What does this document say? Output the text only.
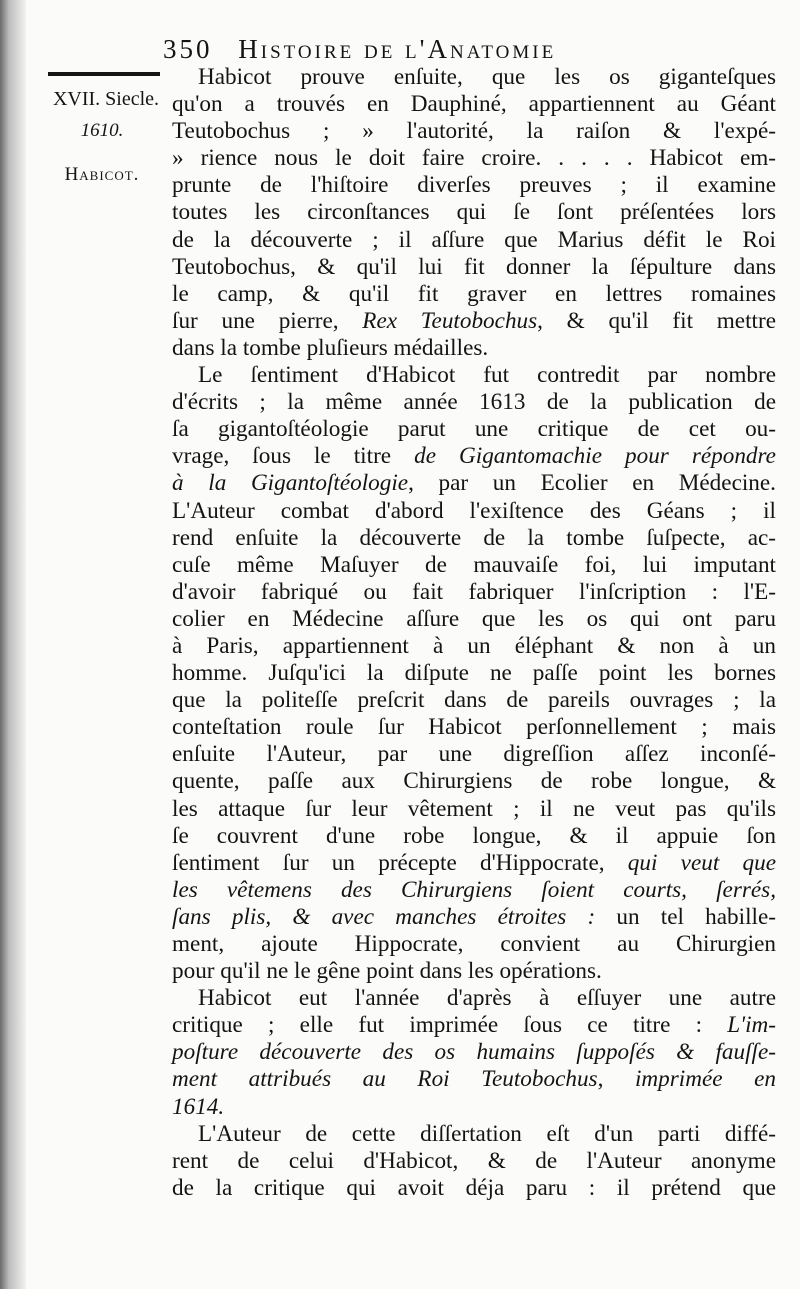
350 Histoire de l'Anatomie
XVII. Siecle.
1610.
Habicot.
Habicot prouve enſuite, que les os giganteſques
qu'on a trouvés en Dauphiné, appartiennent au Géant
Teutobochus ; » l'autorité, la raiſon & l'expé-
» rience nous le doit faire croire. . . . . Habicot em-
prunte de l'hiſtoire diverſes preuves ; il examine
toutes les circonſtances qui ſe ſont préſentées lors
de la découverte ; il aſſure que Marius défit le Roi
Teutobochus, & qu'il lui fit donner la ſépulture dans
le camp, & qu'il fit graver en lettres romaines
ſur une pierre, Rex Teutobochus, & qu'il fit mettre
dans la tombe pluſieurs médailles.
Le ſentiment d'Habicot fut contredit par nombre
d'écrits ; la même année 1613 de la publication de
ſa gigantoſtéologie parut une critique de cet ou-
vrage, ſous le titre de Gigantomachie pour répondre
à la Gigantoſtéologie, par un Ecolier en Médecine.
L'Auteur combat d'abord l'exiſtence des Géans ; il
rend enſuite la découverte de la tombe ſuſpecte, ac-
cuſe même Maſuyer de mauvaiſe foi, lui imputant
d'avoir fabriqué ou fait fabriquer l'inſcription : l'E-
colier en Médecine aſſure que les os qui ont paru
à Paris, appartiennent à un éléphant & non à un
homme. Juſqu'ici la diſpute ne paſſe point les bornes
que la politeſſe preſcrit dans de pareils ouvrages ; la
conteſtation roule ſur Habicot perſonnellement ; mais
enſuite l'Auteur, par une digreſſion aſſez inconſé-
quente, paſſe aux Chirurgiens de robe longue, &
les attaque ſur leur vêtement ; il ne veut pas qu'ils
ſe couvrent d'une robe longue, & il appuie ſon
ſentiment ſur un précepte d'Hippocrate, qui veut que
les vêtemens des Chirurgiens ſoient courts, ſerrés,
ſans plis, & avec manches étroites : un tel habille-
ment, ajoute Hippocrate, convient au Chirurgien
pour qu'il ne le gêne point dans les opérations.
Habicot eut l'année d'après à eſſuyer une autre
critique ; elle fut imprimée ſous ce titre : L'im-
poſture découverte des os humains ſuppoſés & fauſſe-
ment attribués au Roi Teutobochus, imprimée en
1614.
L'Auteur de cette diſſertation eſt d'un parti diffé-
rent de celui d'Habicot, & de l'Auteur anonyme
de la critique qui avoit déja paru : il prétend que
